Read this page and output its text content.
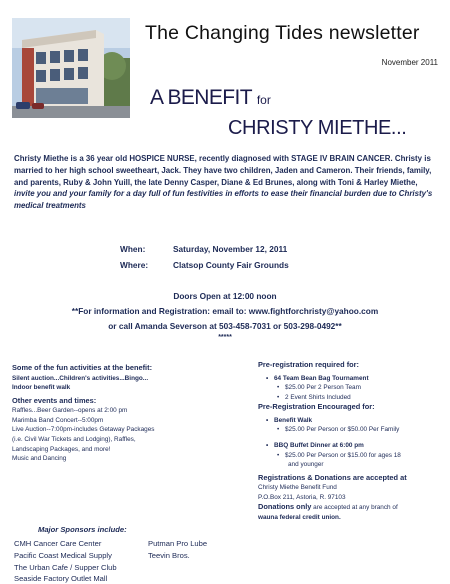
The Changing Tides newsletter
November 2011
A BENEFIT for
CHRISTY MIETHE...
Christy Miethe is a 36 year old HOSPICE NURSE, recently diagnosed with STAGE IV BRAIN CANCER. Christy is married to her high school sweetheart, Jack. They have two children, Jaden and Cameron. Their friends, family, and parents, Ruby & John Yuill, the late Denny Casper, Diane & Ed Brunes, along with Toni & Harley Miethe, invite you and your family for a day full of fun festivities in efforts to ease their financial burden due to Christy's medical treatments
When:	Saturday, November 12, 2011
Where:	Clatsop County Fair Grounds
Doors Open at 12:00 noon
**For information and Registration: email to: www.fightforchristy@yahoo.com
or call Amanda Severson at 503-458-7031 or 503-298-0492**
*****
Some of the fun activities at the benefit:
Silent auction...Children's activities...Bingo...
Indoor benefit walk
Other events and times:
Raffles...Beer Garden--opens at 2:00 pm
Marimba Band Concert--5:00pm
Live Auction--7:00pm-includes Getaway Packages
(i.e. Civil War Tickets and Lodging), Raffles,
Landscaping Packages, and more!
Music and Dancing
Pre-registration required for:
• 64 Team Bean Bag Tournament
• $25.00 Per 2 Person Team
• 2 Event Shirts Included
Pre-Registration Encouraged for:
• Benefit Walk
• $25.00 Per Person or $50.00 Per Family
• BBQ Buffet Dinner at 6:00 pm
• $25.00 Per Person or $15.00 for ages 18
and younger
Registrations & Donations are accepted at
Christy Miethe Benefit Fund
P.O.Box 211, Astoria, R. 97103
Donations only are accepted at any branch of
wauna federal credit union.
Major Sponsors include:
CMH Cancer Care Center
Pacific Coast Medical Supply
The Urban Cafe / Supper Club
Seaside Factory Outlet Mall
Putman Pro Lube
Teevin Bros.
